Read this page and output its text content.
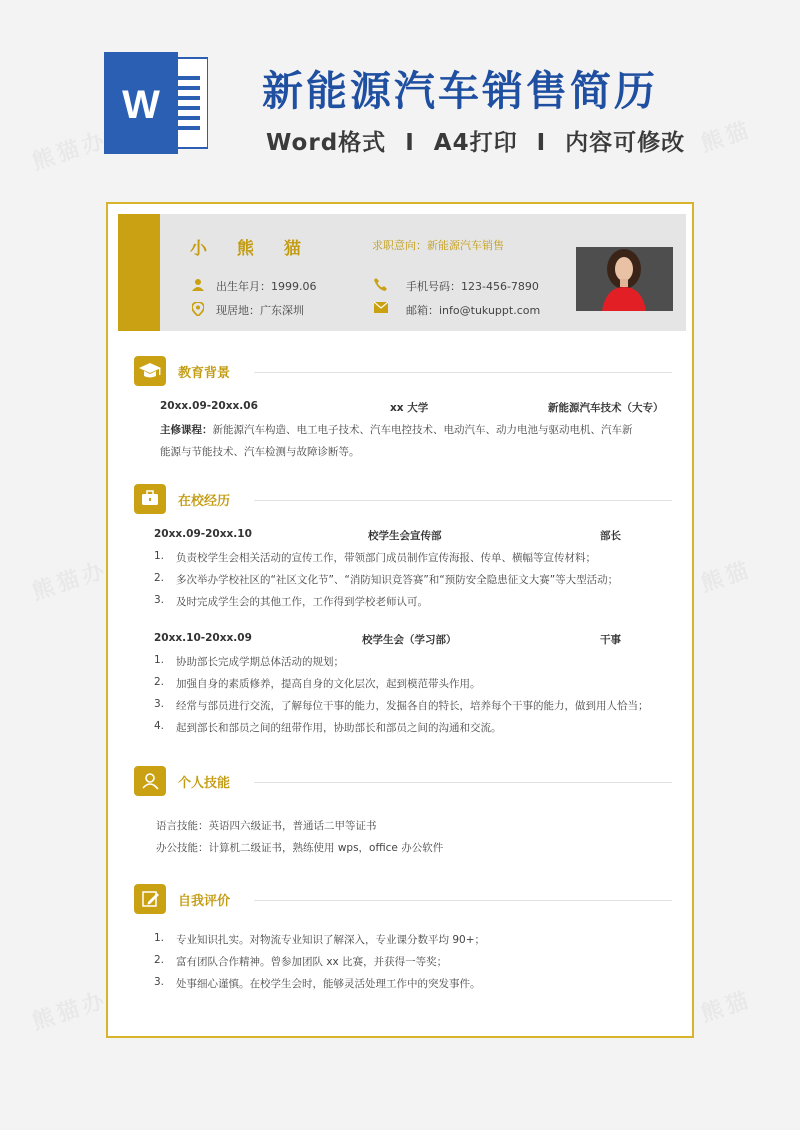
W 新能源汽车销售简历
Word格式 I A4打印 I 内容可修改
小 熊 猫	求职意向：新能源汽车销售
出生年月：1999.06
现居地：广东深圳
手机号码：123-456-7890
邮箱：info@tukuppt.com
教育背景
20xx.09-20xx.06	xx 大学	新能源汽车技术（大专）
主修课程：新能源汽车构造、电工电子技术、汽车电控技术、电动汽车、动力电池与驱动电机、汽车新
能源与节能技术、汽车检测与故障诊断等。
在校经历
20xx.09-20xx.10	校学生会宣传部	部长
1. 负责校学生会相关活动的宣传工作，带领部门成员制作宣传海报、传单、横幅等宣传材料；
2. 多次举办学校社区的“社区文化节”、“消防知识竞答赛”和“预防安全隐患征文大赛”等大型活动；
3. 及时完成学生会的其他工作，工作得到学校老师认可。
20xx.10-20xx.09	校学生会（学习部）	干事
1. 协助部长完成学期总体活动的规划；
2. 加强自身的素质修养，提高自身的文化层次，起到模范带头作用。
3. 经常与部员进行交流，了解每位干事的能力，发掘各自的特长，培养每个干事的能力，做到用人恰当；
4. 起到部长和部员之间的纽带作用，协助部长和部员之间的沟通和交流。
个人技能
语言技能：英语四六级证书，普通话二甲等证书
办公技能：计算机二级证书，熟练使用 wps，office 办公软件
自我评价
1. 专业知识扎实。对物流专业知识了解深入，专业课分数平均 90+；
2. 富有团队合作精神。曾参加团队 xx 比赛，并获得一等奖；
3. 处事细心谨慎。在校学生会时，能够灵活处理工作中的突发事件。
